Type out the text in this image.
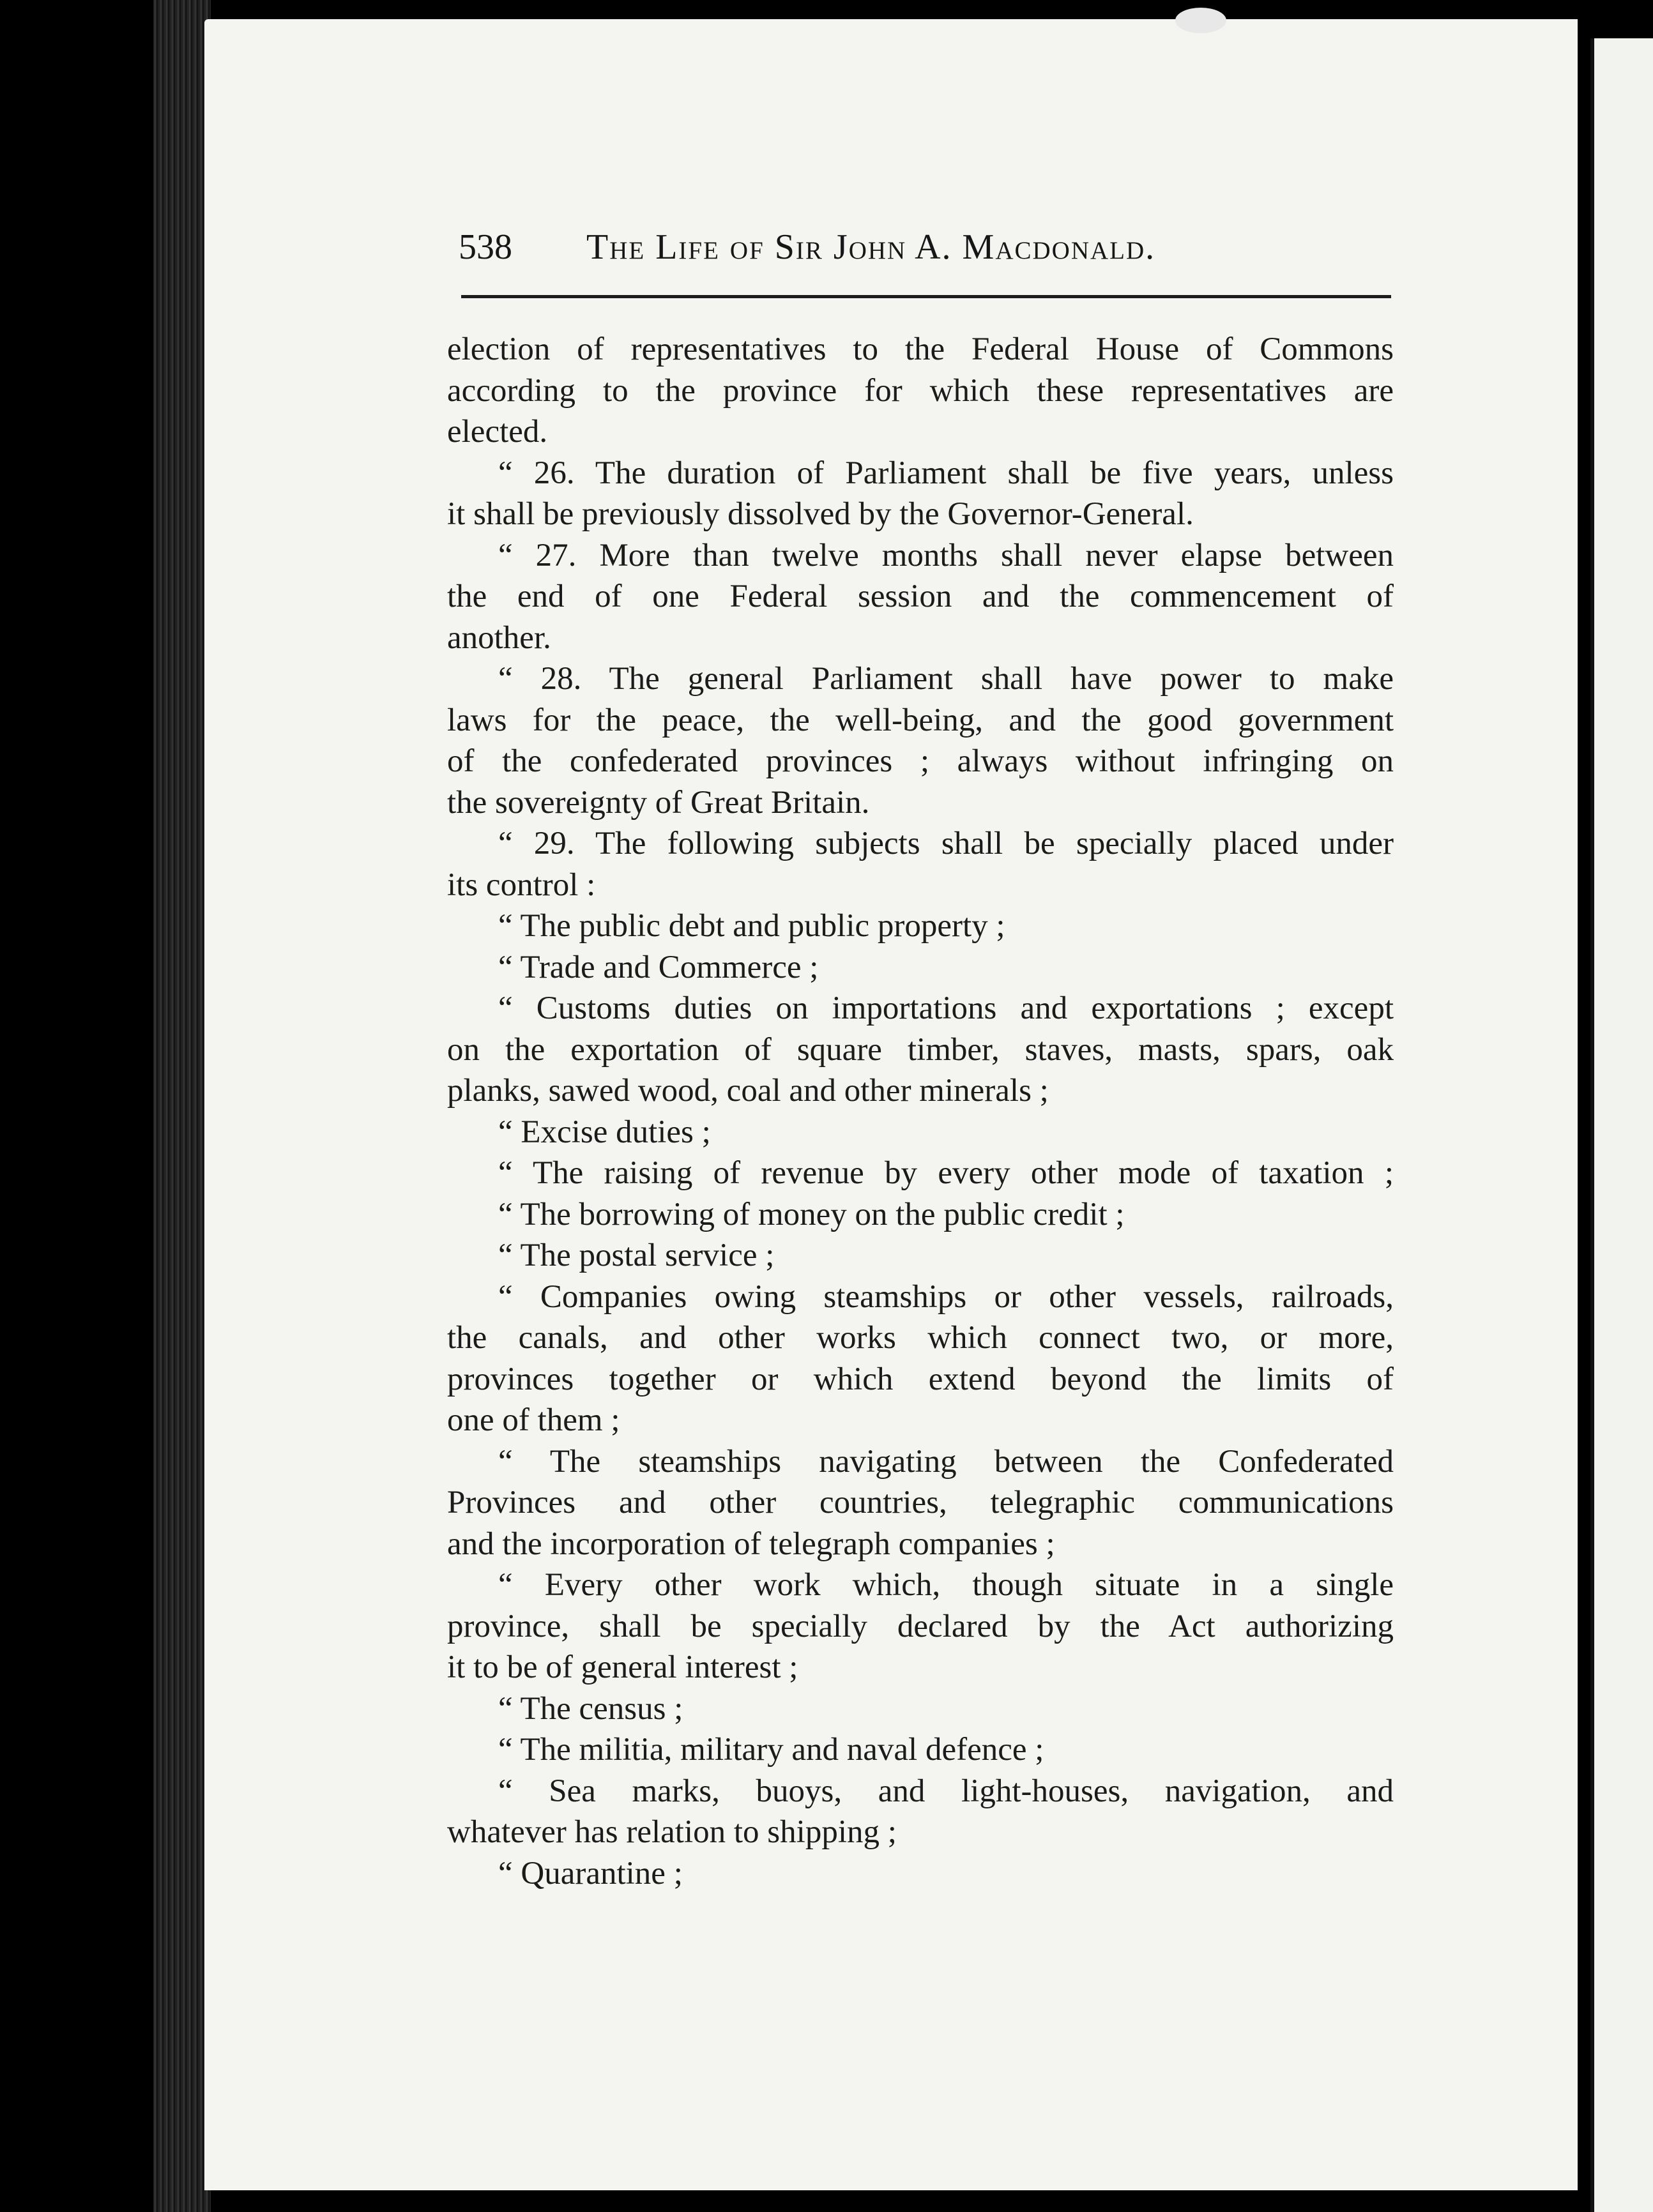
538 The Life of Sir John A. Macdonald.
election of representatives to the Federal House of Commons
according to the province for which these representatives are
elected.
“ 26. The duration of Parliament shall be five years, unless
it shall be previously dissolved by the Governor-General.
“ 27. More than twelve months shall never elapse between
the end of one Federal session and the commencement of
another.
“ 28. The general Parliament shall have power to make
laws for the peace, the well-being, and the good government
of the confederated provinces ; always without infringing on
the sovereignty of Great Britain.
“ 29. The following subjects shall be specially placed under
its control :
“ The public debt and public property ;
“ Trade and Commerce ;
“ Customs duties on importations and exportations ; except
on the exportation of square timber, staves, masts, spars, oak
planks, sawed wood, coal and other minerals ;
“ Excise duties ;
“ The raising of revenue by every other mode of taxation ;
“ The borrowing of money on the public credit ;
“ The postal service ;
“ Companies owing steamships or other vessels, railroads,
the canals, and other works which connect two, or more,
provinces together or which extend beyond the limits of
one of them ;
“ The steamships navigating between the Confederated
Provinces and other countries, telegraphic communications
and the incorporation of telegraph companies ;
“ Every other work which, though situate in a single
province, shall be specially declared by the Act authorizing
it to be of general interest ;
“ The census ;
“ The militia, military and naval defence ;
“ Sea marks, buoys, and light-houses, navigation, and
whatever has relation to shipping ;
“ Quarantine ;
